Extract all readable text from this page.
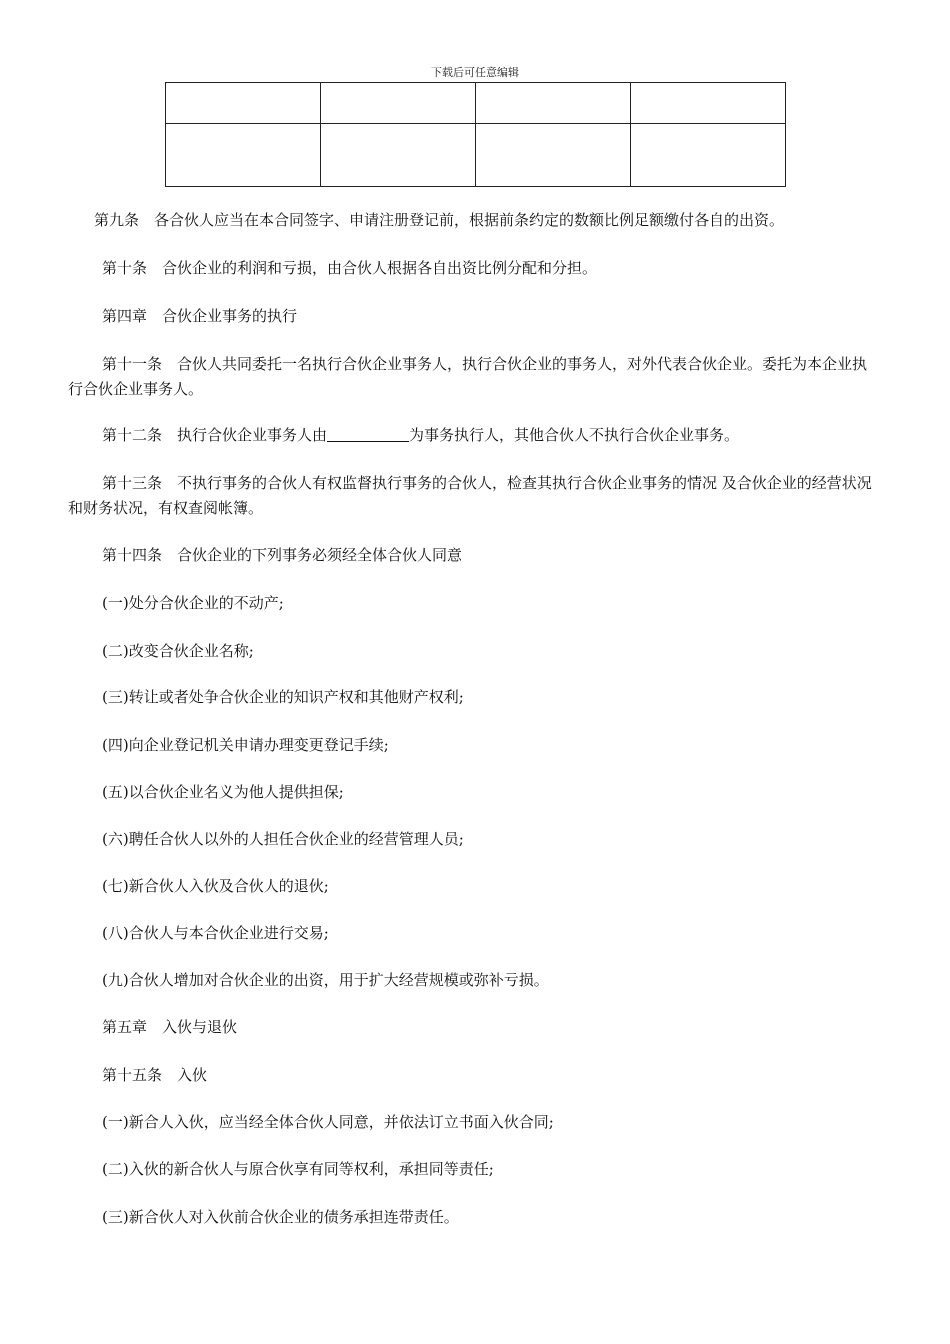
下载后可任意编辑

第九条　各合伙人应当在本合同签字、申请注册登记前，根据前条约定的数额比例足额缴付各自的出资。

第十条　合伙企业的利润和亏损，由合伙人根据各自出资比例分配和分担。

第四章　合伙企业事务的执行

第十一条　合伙人共同委托一名执行合伙企业事务人，执行合伙企业的事务人，对外代表合伙企业。委托为本企业执行合伙企业事务人。

第十二条　执行合伙企业事务人由	为事务执行人，其他合伙人不执行合伙企业事务。

第十三条　不执行事务的合伙人有权监督执行事务的合伙人，检查其执行合伙企业事务的情况 及合伙企业的经营状况和财务状况，有权查阅帐簿。

第十四条　合伙企业的下列事务必须经全体合伙人同意

(一)处分合伙企业的不动产;

(二)改变合伙企业名称;

(三)转让或者处争合伙企业的知识产权和其他财产权利;

(四)向企业登记机关申请办理变更登记手续;

(五)以合伙企业名义为他人提供担保;

(六)聘任合伙人以外的人担任合伙企业的经营管理人员;

(七)新合伙人入伙及合伙人的退伙;

(八)合伙人与本合伙企业进行交易;

(九)合伙人增加对合伙企业的出资，用于扩大经营规模或弥补亏损。

第五章　入伙与退伙

第十五条　入伙

(一)新合人入伙，应当经全体合伙人同意，并依法订立书面入伙合同;

(二)入伙的新合伙人与原合伙享有同等权利，承担同等责任;

(三)新合伙人对入伙前合伙企业的债务承担连带责任。
